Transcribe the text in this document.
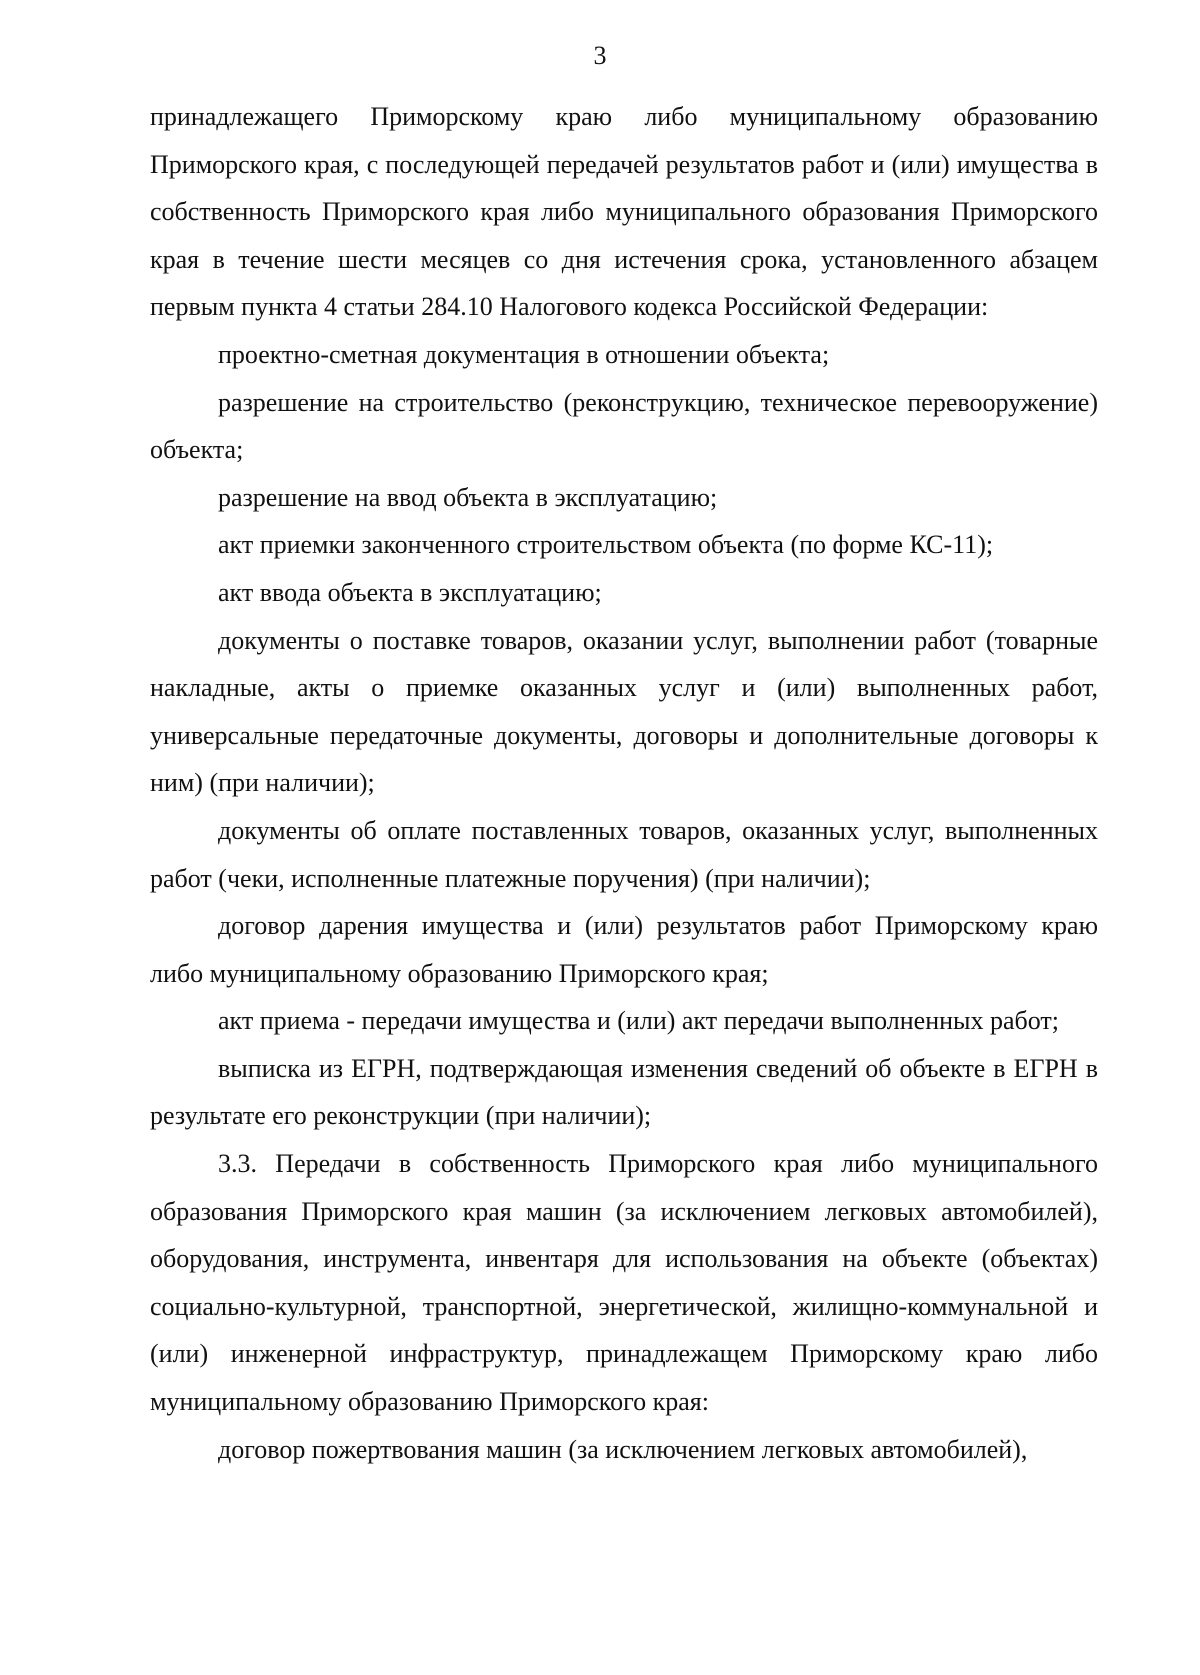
3

принадлежащего Приморскому краю либо муниципальному образованию Приморского края, с последующей передачей результатов работ и (или) имущества в собственность Приморского края либо муниципального образования Приморского края в течение шести месяцев со дня истечения срока, установленного абзацем первым пункта 4 статьи 284.10 Налогового кодекса Российской Федерации:

проектно-сметная документация в отношении объекта;

разрешение на строительство (реконструкцию, техническое перевооружение) объекта;

разрешение на ввод объекта в эксплуатацию;

акт приемки законченного строительством объекта (по форме КС-11);

акт ввода объекта в эксплуатацию;

документы о поставке товаров, оказании услуг, выполнении работ (товарные накладные, акты о приемке оказанных услуг и (или) выполненных работ, универсальные передаточные документы, договоры и дополнительные договоры к ним) (при наличии);

документы об оплате поставленных товаров, оказанных услуг, выполненных работ (чеки, исполненные платежные поручения) (при наличии);

договор дарения имущества и (или) результатов работ Приморскому краю либо муниципальному образованию Приморского края;

акт приема - передачи имущества и (или) акт передачи выполненных работ;

выписка из ЕГРН, подтверждающая изменения сведений об объекте в ЕГРН в результате его реконструкции (при наличии);

3.3. Передачи в собственность Приморского края либо муниципального образования Приморского края машин (за исключением легковых автомобилей), оборудования, инструмента, инвентаря для использования на объекте (объектах) социально-культурной, транспортной, энергетической, жилищно-коммунальной и (или) инженерной инфраструктур, принадлежащем Приморскому краю либо муниципальному образованию Приморского края:

договор пожертвования машин (за исключением легковых автомобилей),
